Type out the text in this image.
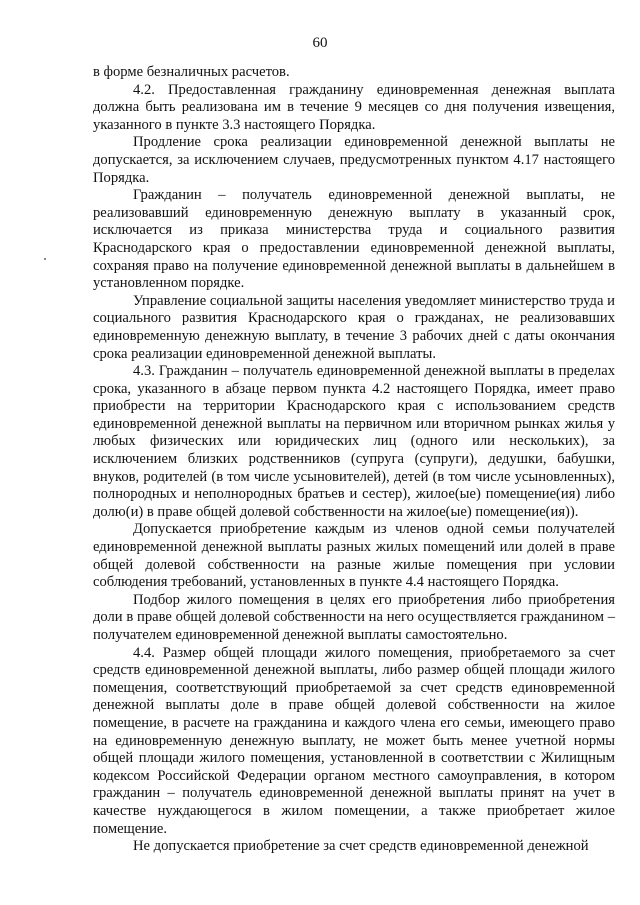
60

в форме безналичных расчетов.

4.2. Предоставленная гражданину единовременная денежная выплата должна быть реализована им в течение 9 месяцев со дня получения извещения, указанного в пункте 3.3 настоящего Порядка.

Продление срока реализации единовременной денежной выплаты не допускается, за исключением случаев, предусмотренных пунктом 4.17 настоящего Порядка.

Гражданин – получатель единовременной денежной выплаты, не реализовавший единовременную денежную выплату в указанный срок, исключается из приказа министерства труда и социального развития Краснодарского края о предоставлении единовременной денежной выплаты, сохраняя право на получение единовременной денежной выплаты в дальнейшем в установленном порядке.

Управление социальной защиты населения уведомляет министерство труда и социального развития Краснодарского края о гражданах, не реализовавших единовременную денежную выплату, в течение 3 рабочих дней с даты окончания срока реализации единовременной денежной выплаты.

4.3. Гражданин – получатель единовременной денежной выплаты в пределах срока, указанного в абзаце первом пункта 4.2 настоящего Порядка, имеет право приобрести на территории Краснодарского края с использованием средств единовременной денежной выплаты на первичном или вторичном рынках жилья у любых физических или юридических лиц (одного или нескольких), за исключением близких родственников (супруга (супруги), дедушки, бабушки, внуков, родителей (в том числе усыновителей), детей (в том числе усыновленных), полнородных и неполнородных братьев и сестер), жилое(ые) помещение(ия) либо долю(и) в праве общей долевой собственности на жилое(ые) помещение(ия)).

Допускается приобретение каждым из членов одной семьи получателей единовременной денежной выплаты разных жилых помещений или долей в праве общей долевой собственности на разные жилые помещения при условии соблюдения требований, установленных в пункте 4.4 настоящего Порядка.

Подбор жилого помещения в целях его приобретения либо приобретения доли в праве общей долевой собственности на него осуществляется гражданином – получателем единовременной денежной выплаты самостоятельно.

4.4. Размер общей площади жилого помещения, приобретаемого за счет средств единовременной денежной выплаты, либо размер общей площади жилого помещения, соответствующий приобретаемой за счет средств единовременной денежной выплаты доле в праве общей долевой собственности на жилое помещение, в расчете на гражданина и каждого члена его семьи, имеющего право на единовременную денежную выплату, не может быть менее учетной нормы общей площади жилого помещения, установленной в соответствии с Жилищным кодексом Российской Федерации органом местного самоуправления, в котором гражданин – получатель единовременной денежной выплаты принят на учет в качестве нуждающегося в жилом помещении, а также приобретает жилое помещение.

Не допускается приобретение за счет средств единовременной денежной
